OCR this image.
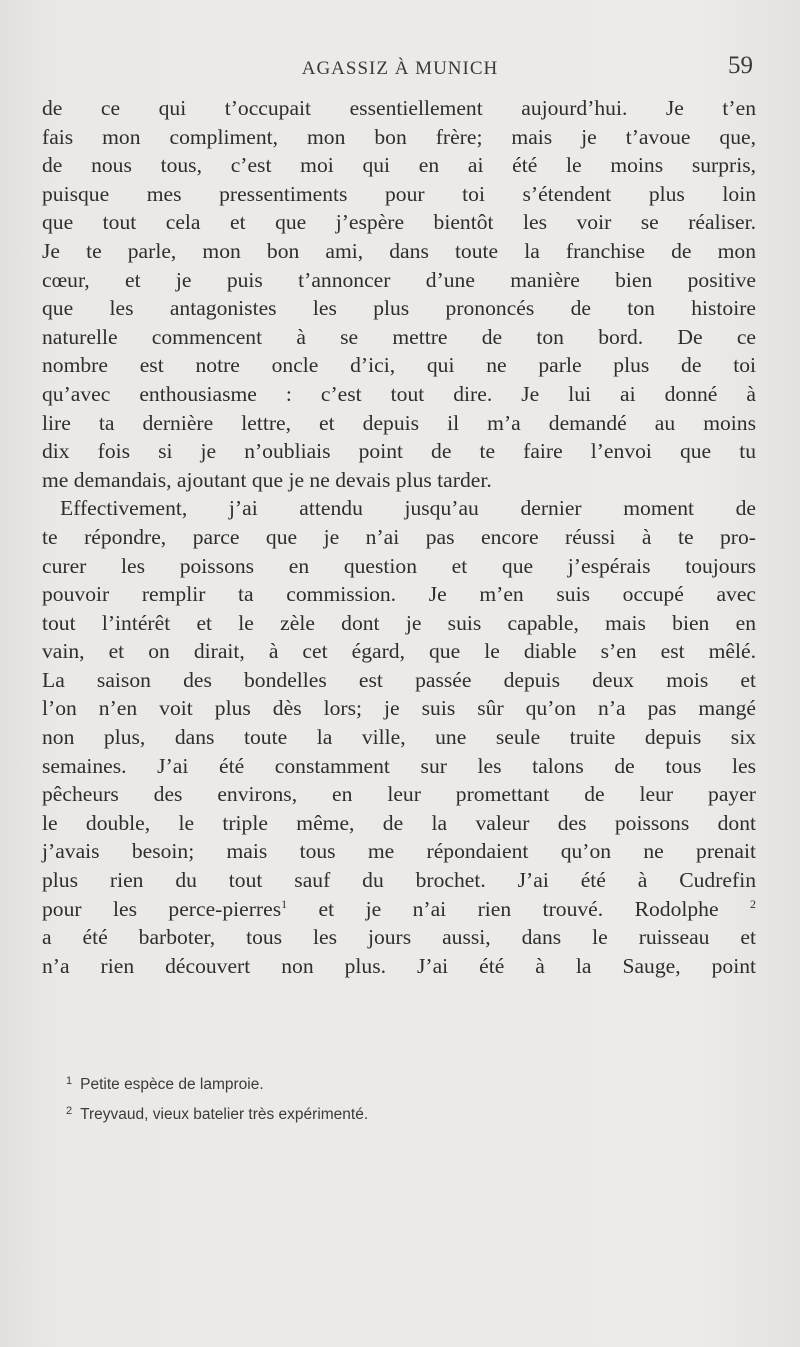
AGASSIZ À MUNICH	59
de ce qui t’occupait essentiellement aujourd’hui. Je t’en
fais mon compliment, mon bon frère; mais je t’avoue que,
de nous tous, c’est moi qui en ai été le moins surpris,
puisque mes pressentiments pour toi s’étendent plus loin
que tout cela et que j’espère bientôt les voir se réaliser.
Je te parle, mon bon ami, dans toute la franchise de mon
cœur, et je puis t’annoncer d’une manière bien positive
que les antagonistes les plus prononcés de ton histoire
naturelle commencent à se mettre de ton bord. De ce
nombre est notre oncle d’ici, qui ne parle plus de toi
qu’avec enthousiasme : c’est tout dire. Je lui ai donné à
lire ta dernière lettre, et depuis il m’a demandé au moins
dix fois si je n’oubliais point de te faire l’envoi que tu
me demandais, ajoutant que je ne devais plus tarder.
Effectivement, j’ai attendu jusqu’au dernier moment de
te répondre, parce que je n’ai pas encore réussi à te pro-
curer les poissons en question et que j’espérais toujours
pouvoir remplir ta commission. Je m’en suis occupé avec
tout l’intérêt et le zèle dont je suis capable, mais bien en
vain, et on dirait, à cet égard, que le diable s’en est mêlé.
La saison des bondelles est passée depuis deux mois et
l’on n’en voit plus dès lors; je suis sûr qu’on n’a pas mangé
non plus, dans toute la ville, une seule truite depuis six
semaines. J’ai été constamment sur les talons de tous les
pêcheurs des environs, en leur promettant de leur payer
le double, le triple même, de la valeur des poissons dont
j’avais besoin; mais tous me répondaient qu’on ne prenait
plus rien du tout sauf du brochet. J’ai été à Cudrefin
pour les perce-pierres$^1$ et je n’ai rien trouvé. Rodolphe	$^2$
a été barboter, tous les jours aussi, dans le ruisseau et
n’a rien découvert non plus. J’ai été à la Sauge, point
$^1$ Petite espèce de lamproie.
$^2$ Treyvaud, vieux batelier très expérimenté.
